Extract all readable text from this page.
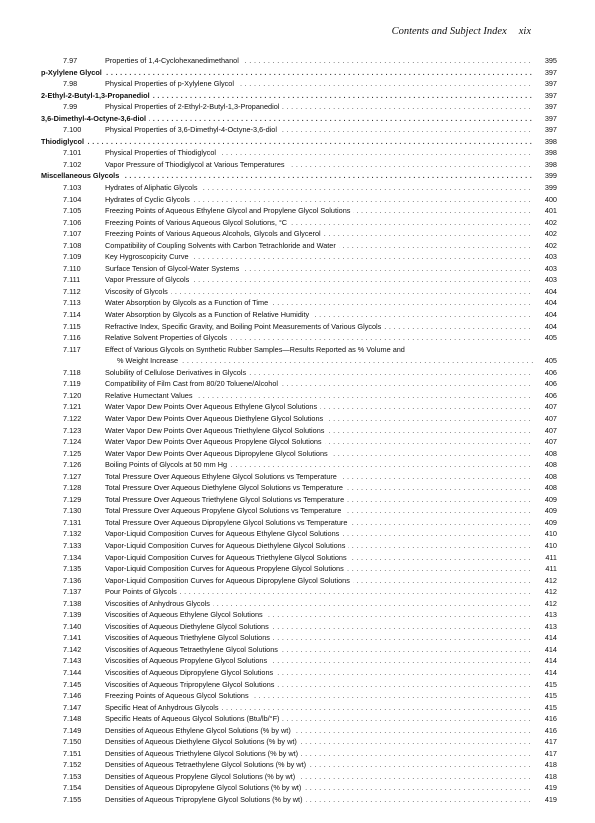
Contents and Subject Index xix
7.97	Properties of 1,4-Cyclohexanedimethanol . . .	395
p-Xylylene Glycol . . .	397
7.98	Physical Properties of p-Xylylene Glycol . . .	397
2-Ethyl-2-Butyl-1,3-Propanediol . . .	397
7.99	Physical Properties of 2-Ethyl-2-Butyl-1,3-Propanediol . . .	397
3,6-Dimethyl-4-Octyne-3,6-diol . . .	397
7.100	Physical Properties of 3,6-Dimethyl-4-Octyne-3,6-diol . . .	397
Thiodiglycol . . .	398
7.101	Physical Properties of Thiodiglycol . . .	398
7.102	Vapor Pressure of Thiodiglycol at Various Temperatures . . .	398
Miscellaneous Glycols . . .	399
7.103	Hydrates of Aliphatic Glycols . . .	399
7.104	Hydrates of Cyclic Glycols . . .	400
7.105	Freezing Points of Aqueous Ethylene Glycol and Propylene Glycol Solutions . . .	401
7.106	Freezing Points of Various Aqueous Glycol Solutions, °C . . .	402
7.107	Freezing Points of Various Aqueous Alcohols, Glycols and Glycerol . . .	402
7.108	Compatibility of Coupling Solvents with Carbon Tetrachloride and Water . . .	402
7.109	Key Hygroscopicity Curve . . .	403
7.110	Surface Tension of Glycol-Water Systems . . .	403
7.111	Vapor Pressure of Glycols . . .	403
7.112	Viscosity of Glycols . . .	404
7.113	Water Absorption by Glycols as a Function of Time . . .	404
7.114	Water Absorption by Glycols as a Function of Relative Humidity . . .	404
7.115	Refractive Index, Specific Gravity, and Boiling Point Measurements of Various Glycols . . .	404
7.116	Relative Solvent Properties of Glycols . . .	405
7.117	Effect of Various Glycols on Synthetic Rubber Samples—Results Reported as % Volume and
% Weight Increase . . .	405
7.118	Solubility of Cellulose Derivatives in Glycols . . .	406
7.119	Compatibility of Film Cast from 80/20 Toluene/Alcohol . . .	406
7.120	Relative Humectant Values . . .	406
7.121	Water Vapor Dew Points Over Aqueous Ethylene Glycol Solutions . . .	407
7.122	Water Vapor Dew Points Over Aqueous Diethylene Glycol Solutions . . .	407
7.123	Water Vapor Dew Points Over Aqueous Triethylene Glycol Solutions . . .	407
7.124	Water Vapor Dew Points Over Aqueous Propylene Glycol Solutions . . .	407
7.125	Water Vapor Dew Points Over Aqueous Dipropylene Glycol Solutions . . .	408
7.126	Boiling Points of Glycols at 50 mm Hg . . .	408
7.127	Total Pressure Over Aqueous Ethylene Glycol Solutions vs Temperature . . .	408
7.128	Total Pressure Over Aqueous Diethylene Glycol Solutions vs Temperature . . .	408
7.129	Total Pressure Over Aqueous Triethylene Glycol Solutions vs Temperature . . .	409
7.130	Total Pressure Over Aqueous Propylene Glycol Solutions vs Temperature . . .	409
7.131	Total Pressure Over Aqueous Dipropylene Glycol Solutions vs Temperature . . .	409
7.132	Vapor-Liquid Composition Curves for Aqueous Ethylene Glycol Solutions . . .	410
7.133	Vapor-Liquid Composition Curves for Aqueous Diethylene Glycol Solutions . . .	410
7.134	Vapor-Liquid Composition Curves for Aqueous Triethylene Glycol Solutions . . .	411
7.135	Vapor-Liquid Composition Curves for Aqueous Propylene Glycol Solutions . . .	411
7.136	Vapor-Liquid Composition Curves for Aqueous Dipropylene Glycol Solutions . . .	412
7.137	Pour Points of Glycols . . .	412
7.138	Viscosities of Anhydrous Glycols . . .	412
7.139	Viscosities of Aqueous Ethylene Glycol Solutions . . .	413
7.140	Viscosities of Aqueous Diethylene Glycol Solutions . . .	413
7.141	Viscosities of Aqueous Triethylene Glycol Solutions . . .	414
7.142	Viscosities of Aqueous Tetraethylene Glycol Solutions . . .	414
7.143	Viscosities of Aqueous Propylene Glycol Solutions . . .	414
7.144	Viscosities of Aqueous Dipropylene Glycol Solutions . . .	414
7.145	Viscosities of Aqueous Tripropylene Glycol Solutions . . .	415
7.146	Freezing Points of Aqueous Glycol Solutions . . .	415
7.147	Specific Heat of Anhydrous Glycols . . .	415
7.148	Specific Heats of Aqueous Glycol Solutions (Btu/lb/°F) . . .	416
7.149	Densities of Aqueous Ethylene Glycol Solutions (% by wt) . . .	416
7.150	Densities of Aqueous Diethylene Glycol Solutions (% by wt) . . .	417
7.151	Densities of Aqueous Triethylene Glycol Solutions (% by wt) . . .	417
7.152	Densities of Aqueous Tetraethylene Glycol Solutions (% by wt) . . .	418
7.153	Densities of Aqueous Propylene Glycol Solutions (% by wt) . . .	418
7.154	Densities of Aqueous Dipropylene Glycol Solutions (% by wt) . . .	419
7.155	Densities of Aqueous Tripropylene Glycol Solutions (% by wt) . . .	419
